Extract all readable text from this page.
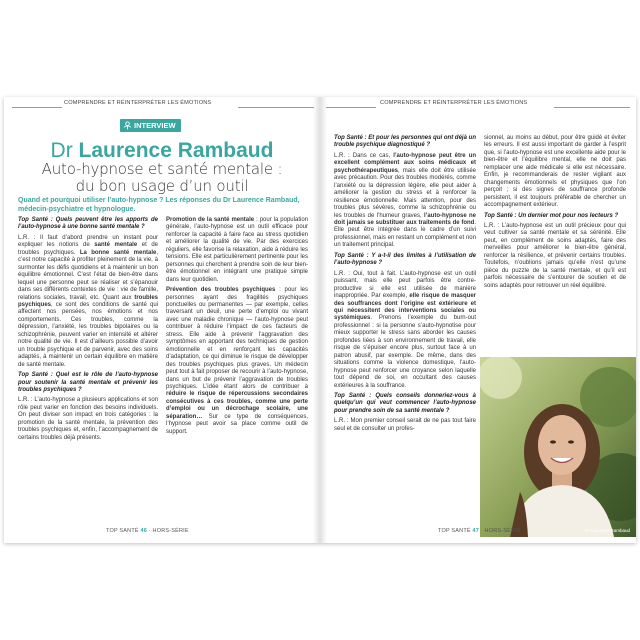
COMPRENDRE ET RÉINTERPRÉTER LES ÉMOTIONS
INTERVIEW
Dr Laurence Rambaud
Auto-hypnose et santé mentale :
du bon usage d’un outil
Quand et pourquoi utiliser l’auto-hypnose ? Les réponses du Dr Laurence Rambaud, médecin-psychiatre et hypnologue.

Top Santé : Quels peuvent être les apports de l’auto-hypnose à une bonne santé mentale ?

L.R. : Il faut d’abord prendre un instant pour expliquer les notions de santé mentale et de troubles psychiques. La bonne santé mentale, c’est notre capacité à profiter pleinement de la vie, à surmonter les défis quotidiens et à maintenir un bon équilibre émotionnel. C’est l’état de bien-être dans lequel une personne peut se réaliser et s’épanouir dans ses différents contextes de vie : vie de famille, relations sociales, travail, etc. Quant aux troubles psychiques, ce sont des conditions de santé qui affectent nos pensées, nos émotions et nos comportements. Ces troubles, comme la dépression, l’anxiété, les troubles bipolaires ou la schizophrénie, peuvent varier en intensité et altérer notre qualité de vie. Il est d’ailleurs possible d’avoir un trouble psychique et de parvenir, avec des soins adaptés, à maintenir un certain équilibre en matière de santé mentale.

Top Santé : Quel est le rôle de l’auto-hypnose pour soutenir la santé mentale et prévenir les troubles psychiques ?

L.R. : L’auto-hypnose a plusieurs applications et son rôle peut varier en fonction des besoins individuels. On peut diviser son impact en trois catégories : la promotion de la santé mentale, la prévention des troubles psychiques et, enfin, l’accompagnement de certains troubles déjà présents.

Promotion de la santé mentale : pour la population générale, l’auto-hypnose est un outil efficace pour renforcer la capacité à faire face au stress quotidien et améliorer la qualité de vie. Par des exercices réguliers, elle favorise la relaxation, aide à réduire les tensions. Elle est particulièrement pertinente pour les personnes qui cherchent à prendre soin de leur bien-être émotionnel en intégrant une pratique simple dans leur quotidien.

Prévention des troubles psychiques : pour les personnes ayant des fragilités psychiques ponctuelles ou permanentes — par exemple, celles traversant un deuil, une perte d’emploi ou vivant avec une maladie chronique — l’auto-hypnose peut contribuer à réduire l’impact de ces facteurs de stress. Elle aide à prévenir l’aggravation des symptômes en apportant des techniques de gestion émotionnelle et en renforçant les capacités d’adaptation, ce qui diminue le risque de développer des troubles psychiques plus graves. Un médecin peut tout à fait proposer de recourir à l’auto-hypnose, dans un but de prévenir l’aggravation de troubles psychiques. L’idée étant alors de contribuer à réduire le risque de répercussions secondaires consécutives à ces troubles, comme une perte d’emploi ou un décrochage scolaire, une séparation… Sur ce type de conséquences, l’hypnose peut avoir sa place comme outil de support.

TOP SANTÉ 46 · HORS-SÉRIE
COMPRENDRE ET RÉINTERPRÉTER LES ÉMOTIONS

Top Santé : Et pour les personnes qui ont déjà un trouble psychique diagnostiqué ?

L.R. : Dans ce cas, l’auto-hypnose peut être un excellent complément aux soins médicaux et psychothérapeutiques, mais elle doit être utilisée avec précaution. Pour des troubles modérés, comme l’anxiété ou la dépression légère, elle peut aider à améliorer la gestion du stress et à renforcer la résilience émotionnelle. Mais attention, pour des troubles plus sévères, comme la schizophrénie ou les troubles de l’humeur graves, l’auto-hypnose ne doit jamais se substituer aux traitements de fond. Elle peut être intégrée dans le cadre d’un suivi professionnel, mais en restant un complément et non un traitement principal.

Top Santé : Y a-t-il des limites à l’utilisation de l’auto-hypnose ?

L.R. : Oui, tout à fait. L’auto-hypnose est un outil puissant, mais elle peut parfois être contre-productive si elle est utilisée de manière inappropriée. Par exemple, elle risque de masquer des souffrances dont l’origine est extérieure et qui nécessitent des interventions sociales ou systémiques. Prenons l’exemple du burn-out professionnel : si la personne s’auto-hypnotise pour mieux supporter le stress sans aborder les causes profondes liées à son environnement de travail, elle risque de s’épuiser encore plus, surtout face à un patron abusif, par exemple. De même, dans des situations comme la violence domestique, l’auto-hypnose peut renforcer une croyance selon laquelle tout dépend de soi, en occultant des causes extérieures à la souffrance.

Top Santé : Quels conseils donneriez-vous à quelqu’un qui veut commencer l’auto-hypnose pour prendre soin de sa santé mentale ?

L.R. : Mon premier conseil serait de ne pas tout faire seul et de consulter un profes-

sionnel, au moins au début, pour être guidé et éviter les erreurs. Il est aussi important de garder à l’esprit que, si l’auto-hypnose est une excellente aide pour le bien-être et l’équilibre mental, elle ne doit pas remplacer une aide médicale si elle est nécessaire. Enfin, je recommanderais de rester vigilant aux changements émotionnels et physiques que l’on perçoit ; si des signes de souffrance profonde persistent, il est toujours préférable de chercher un accompagnement extérieur.

Top Santé : Un dernier mot pour nos lecteurs ?

L.R. : L’auto-hypnose est un outil précieux pour qui veut cultiver sa santé mentale et sa sérénité. Elle peut, en complément de soins adaptés, faire des merveilles pour améliorer le bien-être général, renforcer la résilience, et prévenir certains troubles. Toutefois, n’oublions jamais qu’elle n’est qu’une pièce du puzzle de la santé mentale, et qu’il est parfois nécessaire de s’entourer de soutien et de soins adaptés pour retrouver un réel équilibre.

Dr Laurence Rambaud
TOP SANTÉ 47 · HORS-SÉRIE
